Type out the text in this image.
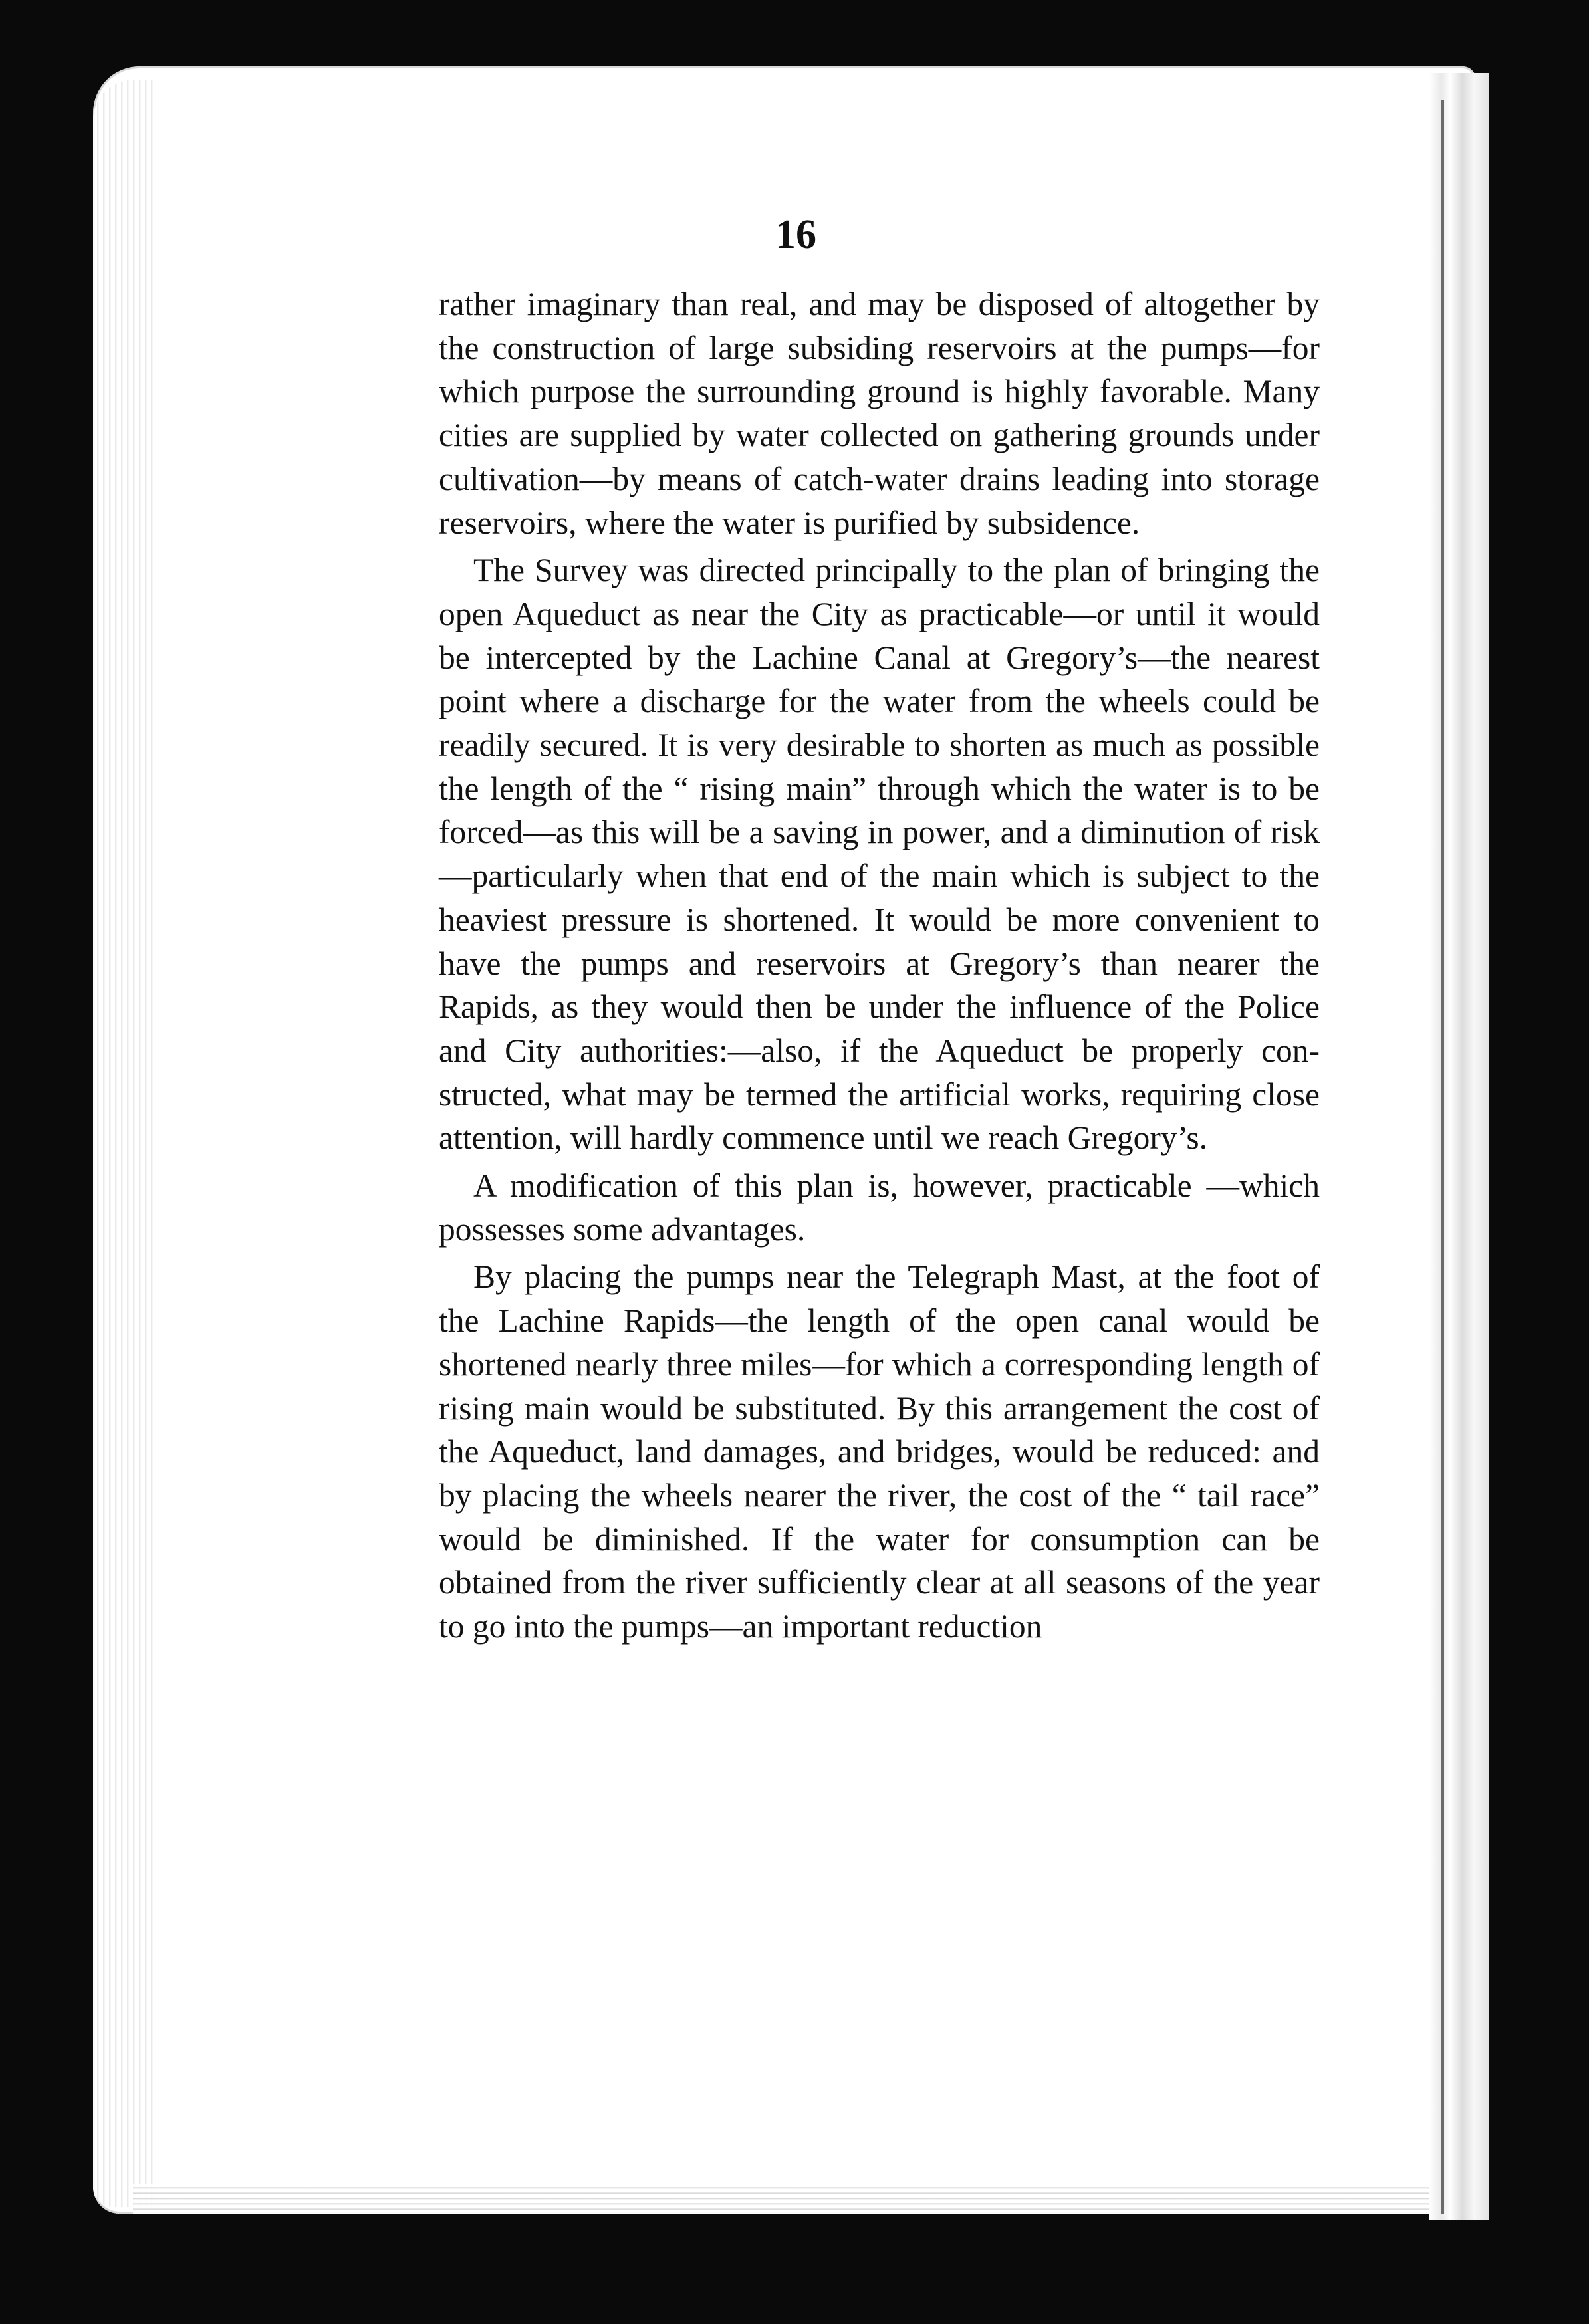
16

rather imaginary than real, and may be disposed of altogether by the construction of large subsiding reservoirs at the pumps—for which purpose the surrounding ground is highly favorable. Many cities are supplied by water collected on gathering grounds under cultivation—by means of catch-water drains leading into storage reservoirs, where the water is purified by subsidence.

The Survey was directed principally to the plan of bringing the open Aqueduct as near the City as practicable—or until it would be intercepted by the Lachine Canal at Gregory’s—the nearest point where a discharge for the water from the wheels could be readily secured. It is very desirable to shorten as much as possible the length of the “ rising main” through which the water is to be forced—as this will be a saving in power, and a diminution of risk—particularly when that end of the main which is subject to the heaviest pressure is shortened. It would be more convenient to have the pumps and reservoirs at Gregory’s than nearer the Rapids, as they would then be under the influence of the Police and City authorities:—also, if the Aqueduct be properly constructed, what may be termed the artificial works, requiring close attention, will hardly commence until we reach Gregory’s.

A modification of this plan is, however, practicable —which possesses some advantages.

By placing the pumps near the Telegraph Mast, at the foot of the Lachine Rapids—the length of the open canal would be shortened nearly three miles—for which a corresponding length of rising main would be substituted. By this arrangement the cost of the Aqueduct, land damages, and bridges, would be reduced: and by placing the wheels nearer the river, the cost of the “ tail race” would be diminished. If the water for consumption can be obtained from the river sufficiently clear at all seasons of the year to go into the pumps—an important reduction
